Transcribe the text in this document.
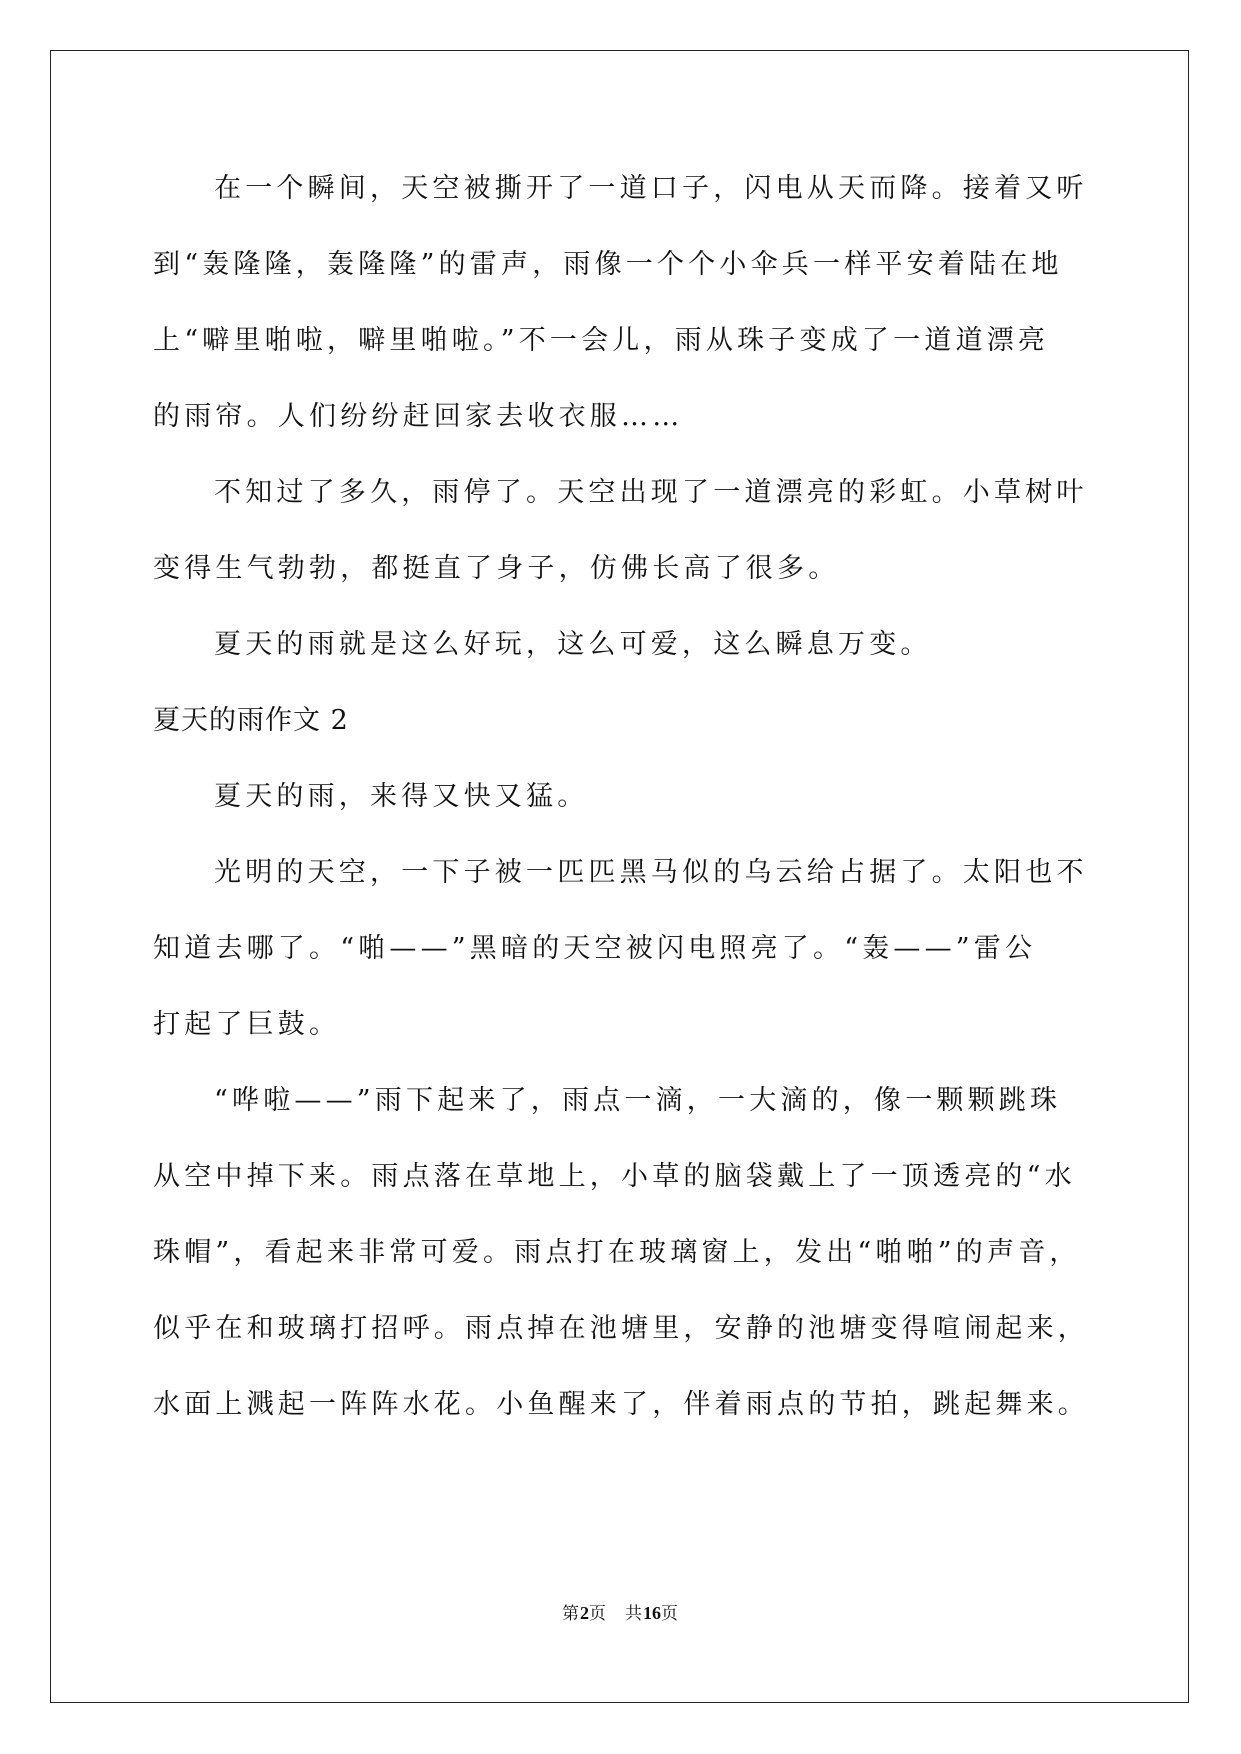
在一个瞬间，天空被撕开了一道口子，闪电从天而降。接着又听
到“轰隆隆，轰隆隆”的雷声，雨像一个个小伞兵一样平安着陆在地
上“噼里啪啦，噼里啪啦。”不一会儿，雨从珠子变成了一道道漂亮
的雨帘。人们纷纷赶回家去收衣服……
不知过了多久，雨停了。天空出现了一道漂亮的彩虹。小草树叶
变得生气勃勃，都挺直了身子，仿佛长高了很多。
夏天的雨就是这么好玩，这么可爱，这么瞬息万变。
夏天的雨作文 2
夏天的雨，来得又快又猛。
光明的天空，一下子被一匹匹黑马似的乌云给占据了。太阳也不
知道去哪了。“啪——”黑暗的天空被闪电照亮了。“轰——”雷公
打起了巨鼓。
“哗啦——”雨下起来了，雨点一滴，一大滴的，像一颗颗跳珠
从空中掉下来。雨点落在草地上，小草的脑袋戴上了一顶透亮的“水
珠帽”，看起来非常可爱。雨点打在玻璃窗上，发出“啪啪”的声音，
似乎在和玻璃打招呼。雨点掉在池塘里，安静的池塘变得喧闹起来，
水面上溅起一阵阵水花。小鱼醒来了，伴着雨点的节拍，跳起舞来。
第2页 共16页
